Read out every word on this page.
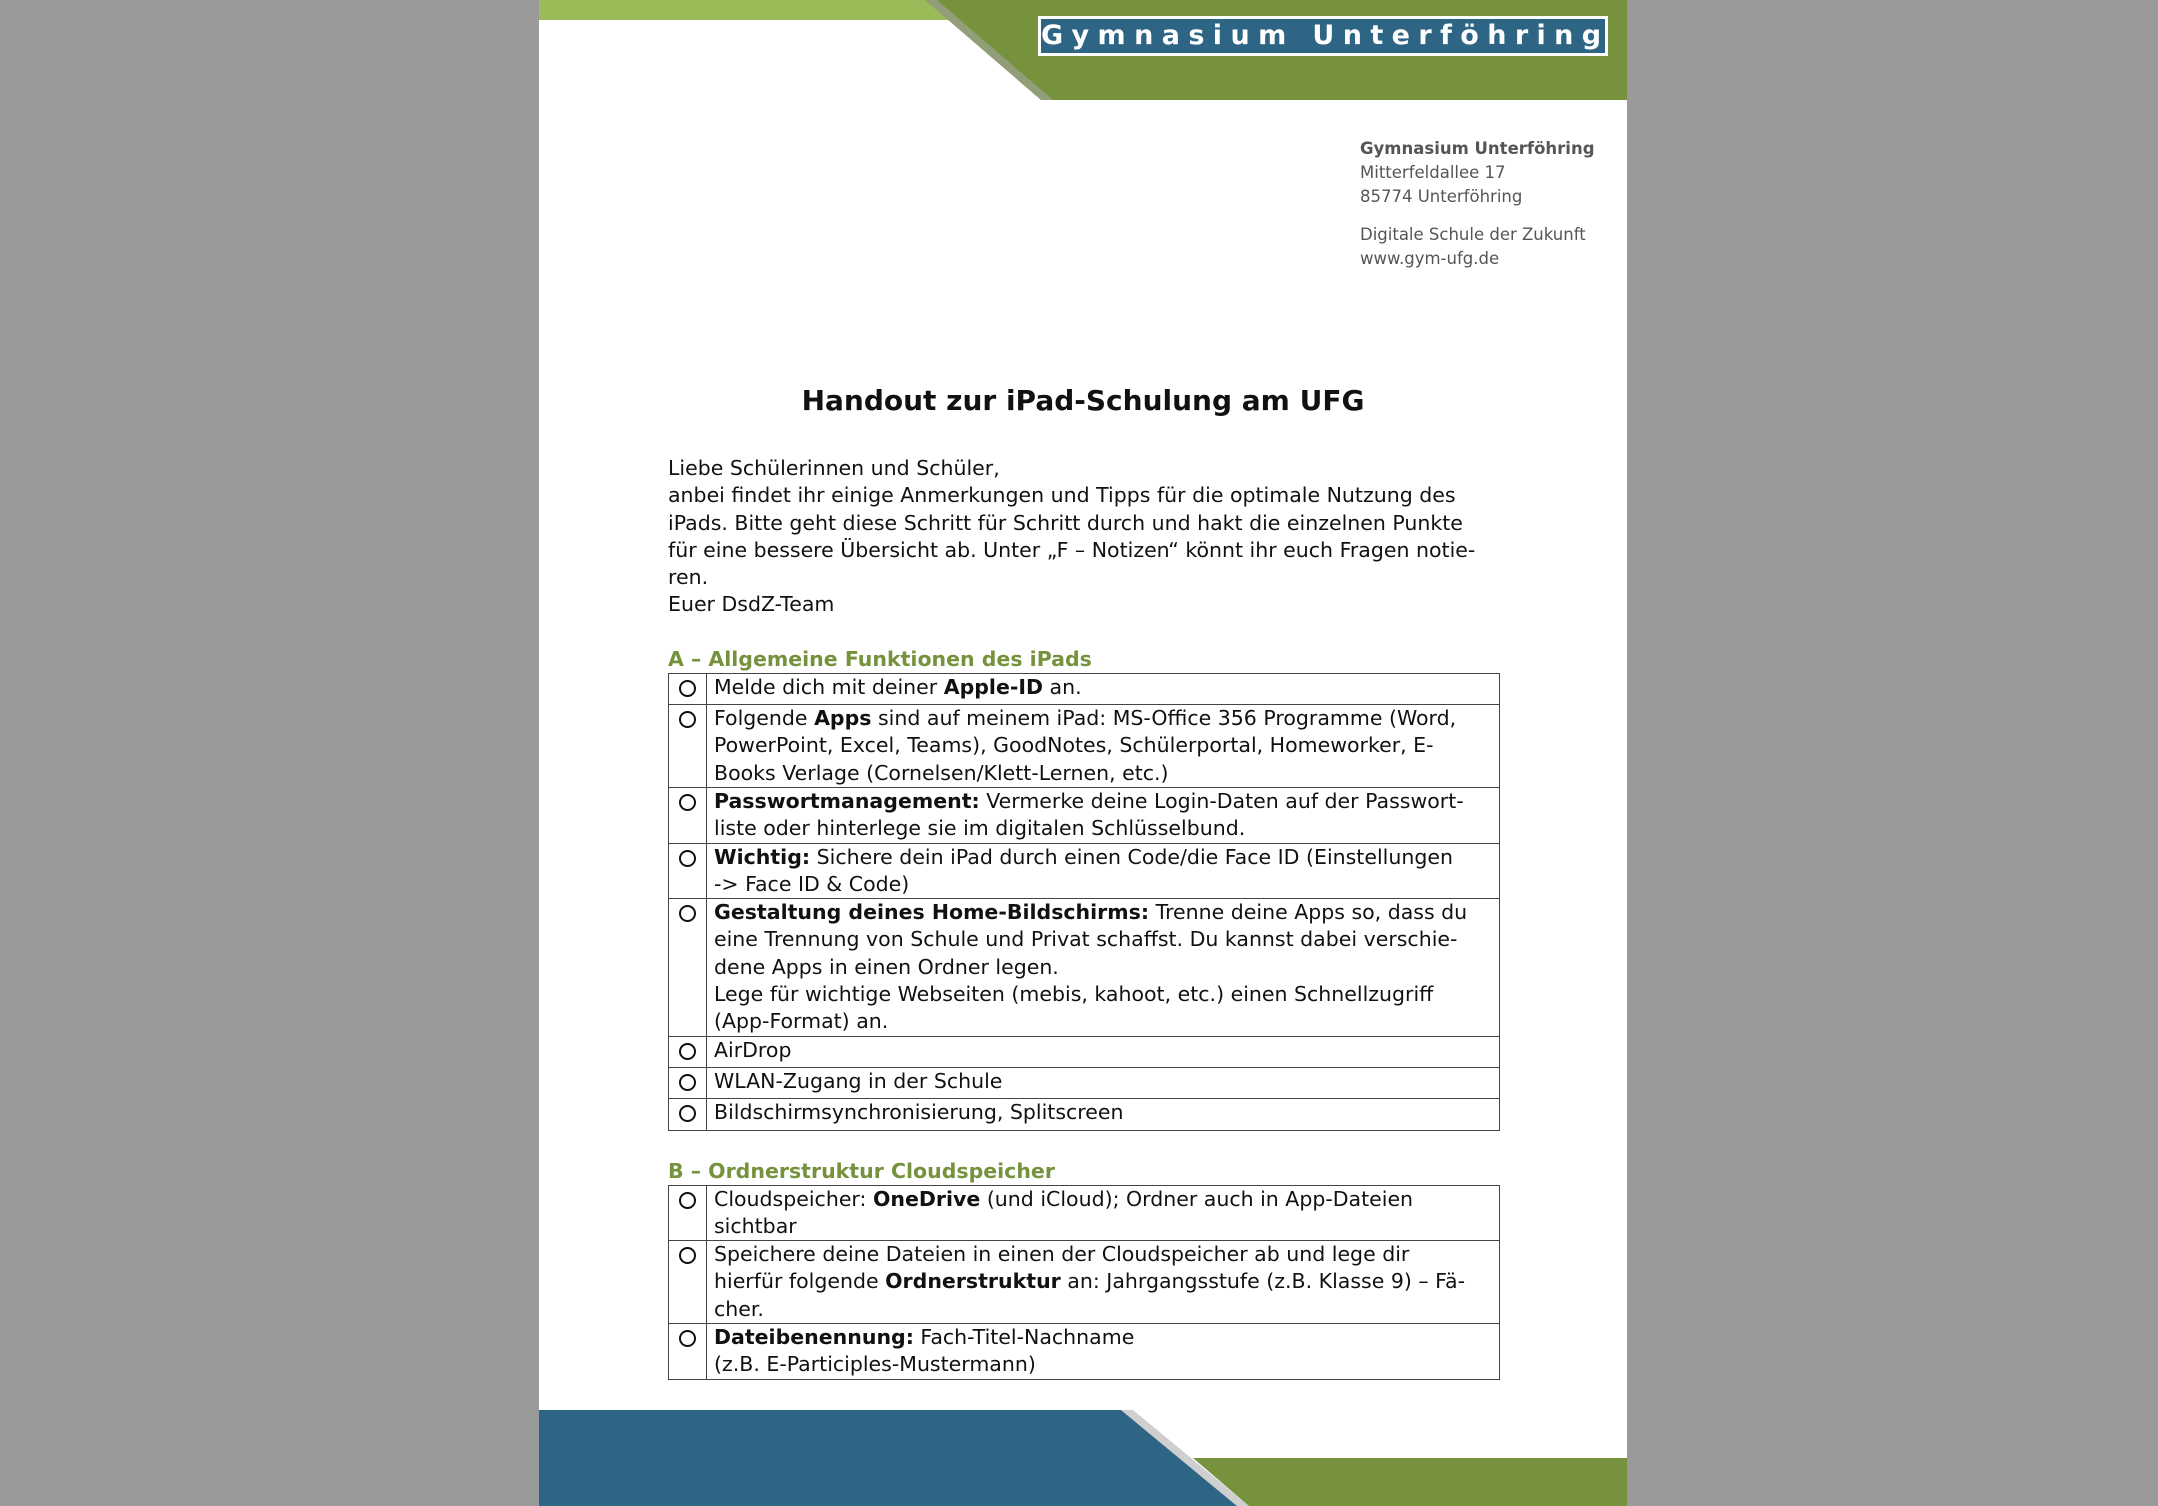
Gymnasium Unterföhring
Gymnasium Unterföhring
Mitterfeldallee 17
85774 Unterföhring
Digitale Schule der Zukunft
www.gym-ufg.de
Handout zur iPad-Schulung am UFG

Liebe Schülerinnen und Schüler,

anbei findet ihr einige Anmerkungen und Tipps für die optimale Nutzung des

iPads. Bitte geht diese Schritt für Schritt durch und hakt die einzelnen Punkte

für eine bessere Übersicht ab. Unter „F – Notizen“ könnt ihr euch Fragen notie-

ren.

Euer DsdZ-Team

A – Allgemeine Funktionen des iPads

	Melde dich mit deiner Apple-ID an.

	Folgende Apps sind auf meinem iPad: MS-Office 356 Programme (Word,
PowerPoint, Excel, Teams), GoodNotes, Schülerportal, Homeworker, E-
Books Verlage (Cornelsen/Klett-Lernen, etc.)

	Passwortmanagement: Vermerke deine Login-Daten auf der Passwort-
liste oder hinterlege sie im digitalen Schlüsselbund.

	Wichtig: Sichere dein iPad durch einen Code/die Face ID (Einstellungen
-> Face ID & Code)

	Gestaltung deines Home-Bildschirms: Trenne deine Apps so, dass du
eine Trennung von Schule und Privat schaffst. Du kannst dabei verschie-
dene Apps in einen Ordner legen.
Lege für wichtige Webseiten (mebis, kahoot, etc.) einen Schnellzugriff
(App-Format) an.

	AirDrop

	WLAN-Zugang in der Schule

	Bildschirmsynchronisierung, Splitscreen
B – Ordnerstruktur Cloudspeicher

	Cloudspeicher: OneDrive (und iCloud); Ordner auch in App-Dateien
sichtbar

	Speichere deine Dateien in einen der Cloudspeicher ab und lege dir
hierfür folgende Ordnerstruktur an: Jahrgangsstufe (z.B. Klasse 9) – Fä-
cher.

	Dateibenennung: Fach-Titel-Nachname
(z.B. E-Participles-Mustermann)
